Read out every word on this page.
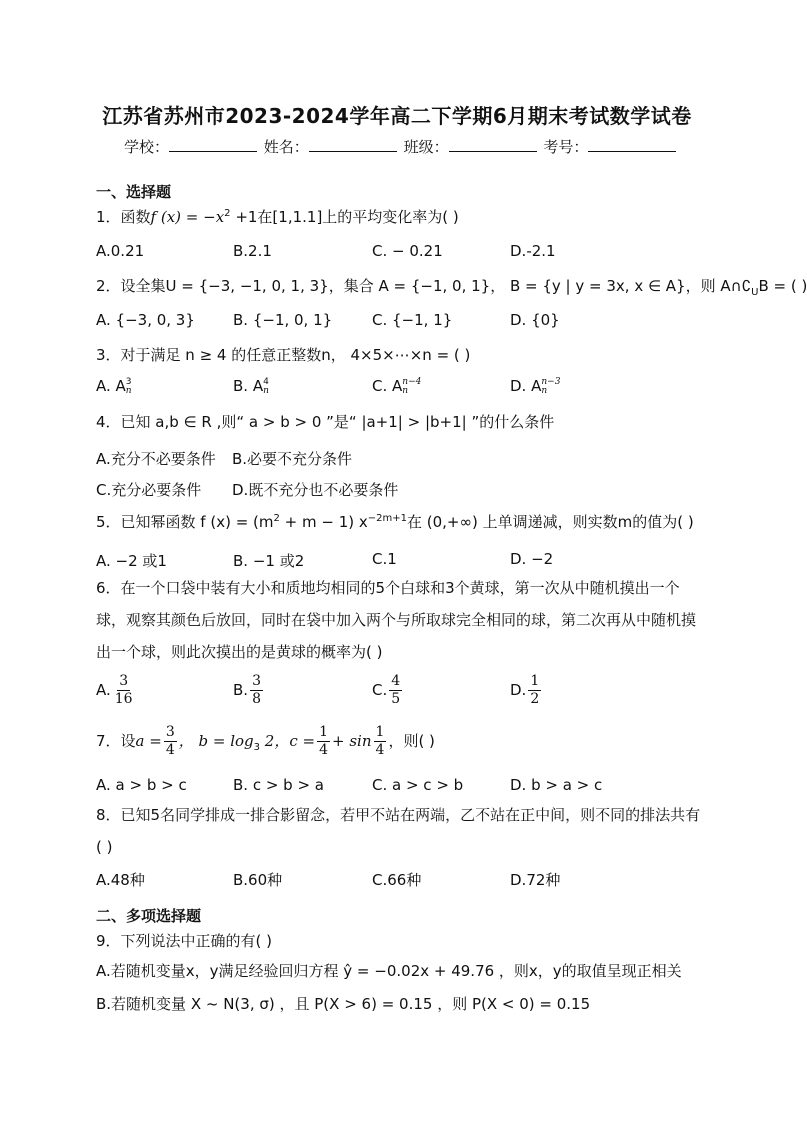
江苏省苏州市2023-2024学年高二下学期6月期末考试数学试卷
学校：	姓名：	班级：	考号：
一、选择题
1．函数f $(x) = -x^2 +1$在[1,1.1]上的平均变化率为( )
A.0.21	B.2.1	C. − 0.21	D.-2.1
2．设全集U = {−3, −1, 0, 1, 3}，集合 A = {−1, 0, 1}， B = {y | y = 3x, x ∈ A}，则 $A\cap∁_UB$ = ( )
A. {−3, 0, 3}	B. {−1, 0, 1}	C. {−1, 1}	D. {0}
3．对于满足 n ≥ 4 的任意正整数n， 4×5×⋯×n = ( )
A. A 3
n	B. A 4
n	C. A n−4
n	D. A n−3
n
4．已知 a,b ∈ R ,则“ a > b > 0 ”是“ |a+1| > |b+1| ”的什么条件
A.充分不必要条件 B.必要不充分条件
C.充分必要条件 D.既不充分也不必要条件
5．已知幂函数 f $(x) = (m^2 + m - 1)$ $x^{-2m+1}$在 (0,+∞) 上单调递减，则实数m的值为( )
A. −2 或1	B. −1 或2	C.1	D. −2
6．在一个口袋中装有大小和质地均相同的5个白球和3个黄球，第一次从中随机摸出一个球，观察其颜色后放回，同时在袋中加入两个与所取球完全相同的球，第二次再从中随机摸出一个球，则此次摸出的是黄球的概率为( )
A. $\frac{3}{16}$	B. $\frac{3}{8}$	C. $\frac{4}{5}$	D. $\frac{1}{2}$
7．设$a = \frac{3}{4}$ ， $b = \log_3 2$，$c = \frac{1}{4} + \sin \frac{1}{4}$ ，则( )
A. a > b > c	B. c > b > a	C. a > c > b	D. b > a > c
8．已知5名同学排成一排合影留念，若甲不站在两端，乙不站在正中间，则不同的排法共有( )
A.48种	B.60种	C.66种	D.72种
二、多项选择题
9．下列说法中正确的有( )
A.若随机变量x，y满足经验回归方程 ŷ = −0.02x + 49.76 ，则x，y的取值呈现正相关
B.若随机变量 X ~ N(3, σ) ，且 P(X > 6) = 0.15 ，则 P(X < 0) = 0.15
